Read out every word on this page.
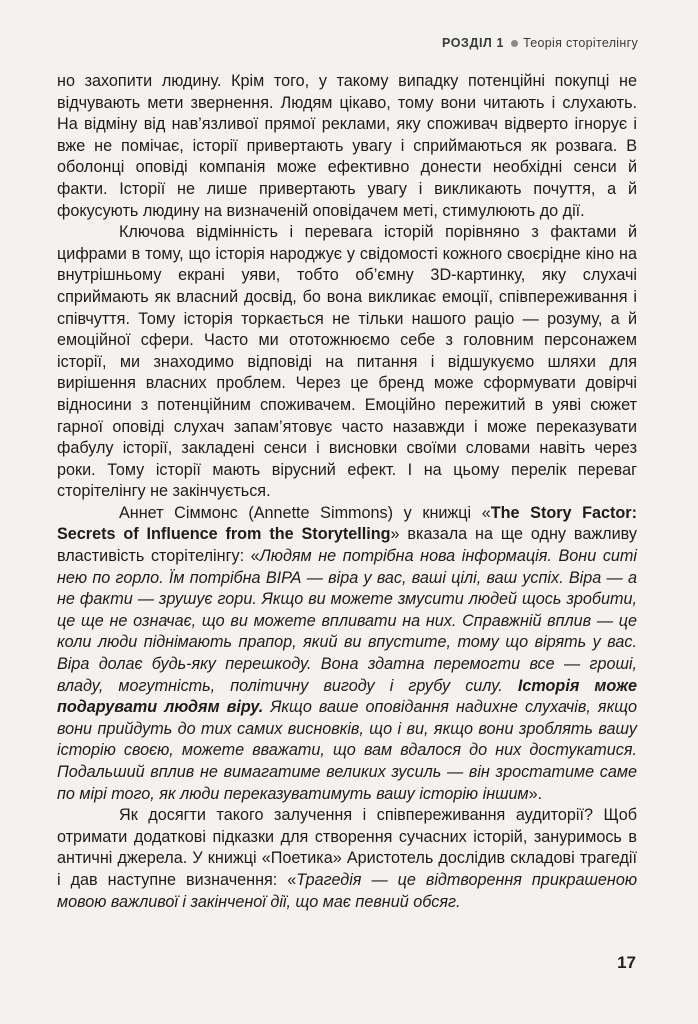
РОЗДІЛ 1 Теорія сторітелінгу

но захопити людину. Крім того, у такому випадку потенційні покупці не відчувають мети звернення. Людям цікаво, тому вони читають і слухають. На відміну від нав’язливої прямої реклами, яку споживач відверто ігнорує і вже не помічає, історії привертають увагу і сприймаються як розвага. В оболонці оповіді компанія може ефективно донести необхідні сенси й факти. Історії не лише привертають увагу і викликають почуття, а й фокусують людину на визначеній оповідачем меті, стимулюють до дії.

Ключова відмінність і перевага історій порівняно з фактами й цифрами в тому, що історія народжує у свідомості кожного своєрідне кіно на внутрішньому екрані уяви, тобто об’ємну 3D-картинку, яку слухачі сприймають як власний досвід, бо вона викликає емоції, співпереживання і співчуття. Тому історія торкається не тільки нашого раціо — розуму, а й емоційної сфери. Часто ми ототожнюємо себе з головним персонажем історії, ми знаходимо відповіді на питання і відшукуємо шляхи для вирішення власних проблем. Через це бренд може сформувати довірчі відносини з потенційним споживачем. Емоційно пережитий в уяві сюжет гарної оповіді слухач запам’ятовує часто назавжди і може переказувати фабулу історії, закладені сенси і висновки своїми словами навіть через роки. Тому історії мають вірусний ефект. І на цьому перелік переваг сторітелінгу не закінчується.

Аннет Сіммонс (Annette Simmons) у книжці «The Story Factor: Secrets of Influence from the Storytelling» вказала на ще одну важливу властивість сторітелінгу: «Людям не потрібна нова інформація. Вони ситі нею по горло. Їм потрібна ВІРА — віра у вас, ваші цілі, ваш успіх. Віра — а не факти — зрушує гори. Якщо ви можете змусити людей щось зробити, це ще не означає, що ви можете впливати на них. Справжній вплив — це коли люди піднімають прапор, який ви впустите, тому що вірять у вас. Віра долає будь-яку перешкоду. Вона здатна перемогти все — гроші, владу, могутність, політичну вигоду і грубу силу. Історія може подарувати людям віру. Якщо ваше оповідання надихне слухачів, якщо вони прийдуть до тих самих висновків, що і ви, якщо вони зроблять вашу історію своєю, можете вважати, що вам вдалося до них достукатися. Подальший вплив не вимагатиме великих зусиль — він зростатиме саме по мірі того, як люди переказуватимуть вашу історію іншим».

Як досягти такого залучення і співпереживання аудиторії? Щоб отримати додаткові підказки для створення сучасних історій, зануримось в античні джерела. У книжці «Поетика» Аристотель дослідив складові трагедії і дав наступне визначення: «Трагедія — це відтворення прикрашеною мовою важливої і закінченої дії, що має певний обсяг.

17
